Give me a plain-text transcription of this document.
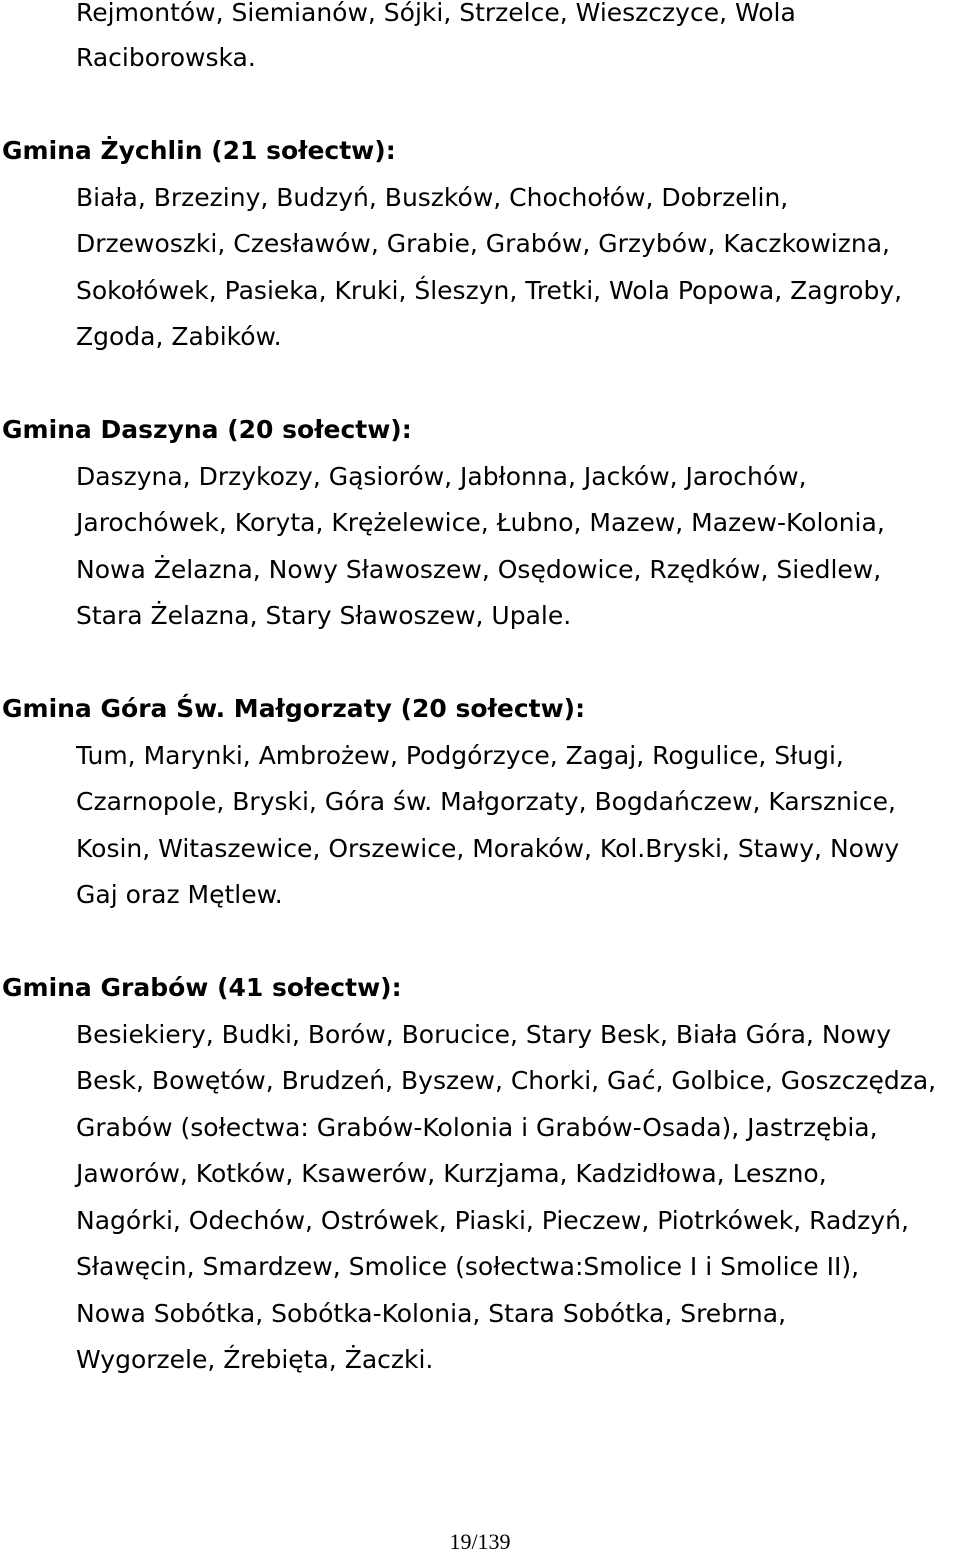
Rejmontów, Siemianów, Sójki, Strzelce, Wieszczyce, Wola

Raciborowska.

Gmina Żychlin (21 sołectw):

Biała, Brzeziny, Budzyń, Buszków, Chochołów, Dobrzelin,

Drzewoszki, Czesławów, Grabie, Grabów, Grzybów, Kaczkowizna,

Sokołówek, Pasieka, Kruki, Śleszyn, Tretki, Wola Popowa, Zagroby,

Zgoda, Zabików.

Gmina Daszyna (20 sołectw):

Daszyna, Drzykozy, Gąsiorów, Jabłonna, Jacków, Jarochów,

Jarochówek, Koryta, Krężelewice, Łubno, Mazew, Mazew-Kolonia,

Nowa Żelazna, Nowy Sławoszew, Osędowice, Rzędków, Siedlew,

Stara Żelazna, Stary Sławoszew, Upale.

Gmina Góra Św. Małgorzaty (20 sołectw):

Tum, Marynki, Ambrożew, Podgórzyce, Zagaj, Rogulice, Sługi,

Czarnopole, Bryski, Góra św. Małgorzaty, Bogdańczew, Karsznice,

Kosin, Witaszewice, Orszewice, Moraków, Kol.Bryski, Stawy, Nowy

Gaj oraz Mętlew.

Gmina Grabów (41 sołectw):

Besiekiery, Budki, Borów, Borucice, Stary Besk, Biała Góra, Nowy

Besk, Bowętów, Brudzeń, Byszew, Chorki, Gać, Golbice, Goszczędza,

Grabów (sołectwa: Grabów-Kolonia i Grabów-Osada), Jastrzębia,

Jaworów, Kotków, Ksawerów, Kurzjama, Kadzidłowa, Leszno,

Nagórki, Odechów, Ostrówek, Piaski, Pieczew, Piotrkówek, Radzyń,

Sławęcin, Smardzew, Smolice (sołectwa:Smolice I i Smolice II),

Nowa Sobótka, Sobótka-Kolonia, Stara Sobótka, Srebrna,

Wygorzele, Źrebięta, Żaczki.

19/139
